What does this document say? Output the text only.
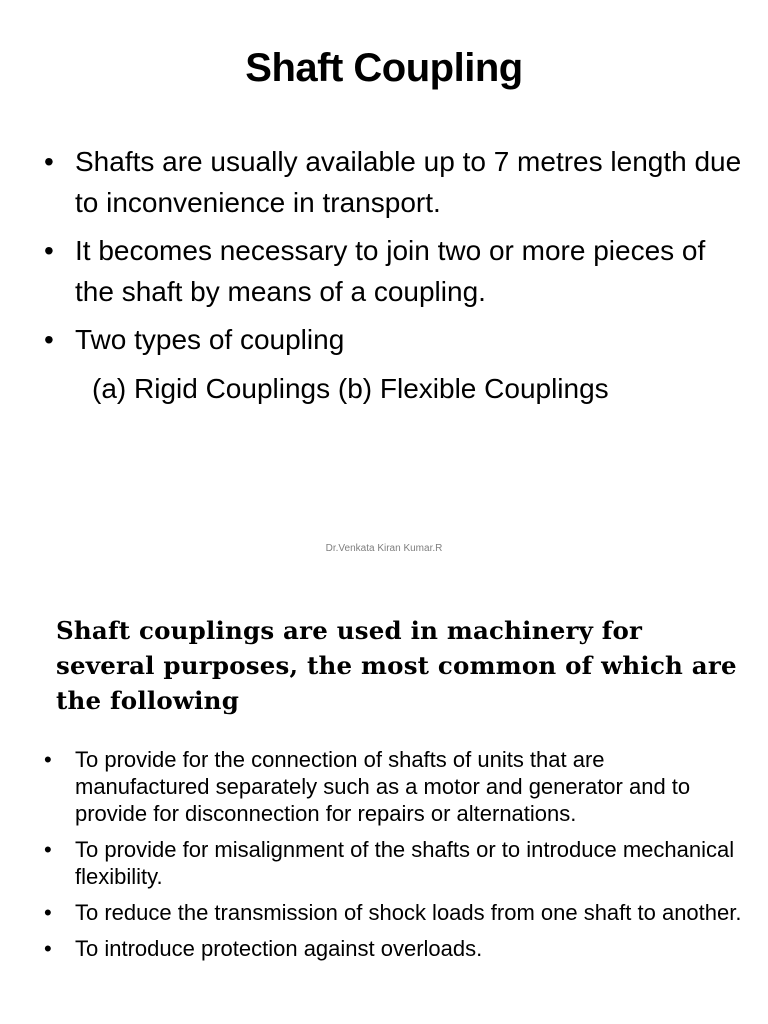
Shaft Coupling
• Shafts are usually available up to 7 metres length due to inconvenience in transport.
• It becomes necessary to join two or more pieces of the shaft by means of a coupling.
• Two types of coupling

(a) Rigid Couplings (b) Flexible Couplings

Dr.Venkata Kiran Kumar.R

Shaft couplings are used in machinery for several purposes, the most common of which are the following
• To provide for the connection of shafts of units that are manufactured separately such as a motor and generator and to provide for disconnection for repairs or alternations.
• To provide for misalignment of the shafts or to introduce mechanical flexibility.
• To reduce the transmission of shock loads from one shaft to another.
• To introduce protection against overloads.
